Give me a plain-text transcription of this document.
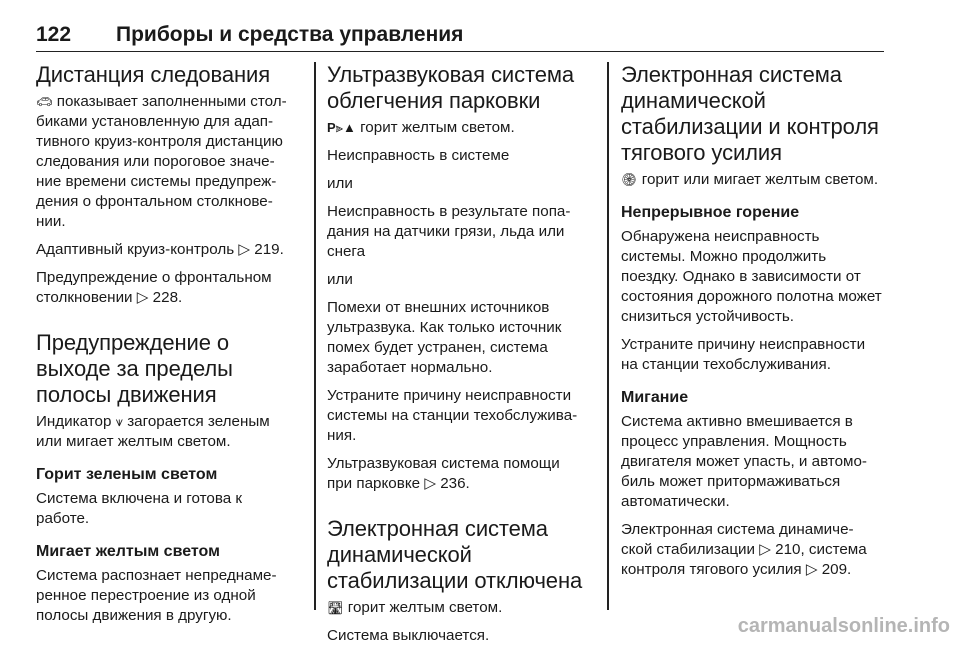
122	Приборы и средства управления
Дистанция следования

🚗︎ показывает заполненными стол-биками установленную для адап-тивного круиз-контроля дистанцию следования или пороговое значе-ние времени системы предупреж-дения о фронтальном столкнове-нии.

Адаптивный круиз-контроль ▷ 219.

Предупреждение о фронтальном столкновении ▷ 228.

Предупреждение о выходе за пределы полосы движения

Индикатор ⩛ загорается зеленым или мигает желтым светом.

Горит зеленым светом

Система включена и готова к работе.

Мигает желтым светом

Система распознает непреднаме-ренное перестроение из одной полосы движения в другую.

Ультразвуковая система облегчения парковки

P⫸▲ горит желтым светом.

Неисправность в системе

или

Неисправность в результате попа-дания на датчики грязи, льда или снега

или

Помехи от внешних источников ультразвука. Как только источник помех будет устранен, система заработает нормально.

Устраните причину неисправности системы на станции техобслужива-ния.

Ультразвуковая система помощи при парковке ▷ 236.

Электронная система динамической стабилизации отключена

🛣︎ горит желтым светом.

Система выключается.

Электронная система динамической стабилизации и контроля тягового усилия

🛞︎ горит или мигает желтым светом.

Непрерывное горение

Обнаружена неисправность системы. Можно продолжить поездку. Однако в зависимости от состояния дорожного полотна может снизиться устойчивость.

Устраните причину неисправности на станции техобслуживания.

Мигание

Система активно вмешивается в процесс управления. Мощность двигателя может упасть, и автомо-биль может притормаживаться автоматически.

Электронная система динамиче-ской стабилизации ▷ 210, система контроля тягового усилия ▷ 209.

carmanualsonline.info
